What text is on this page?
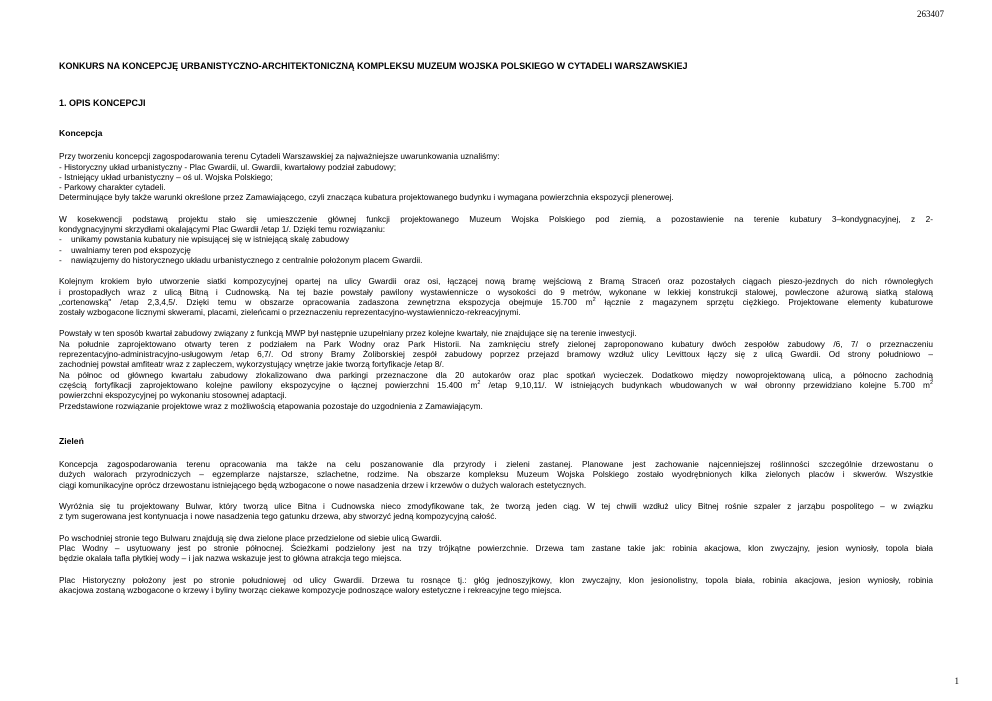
263407
KONKURS NA KONCEPCJĘ URBANISTYCZNO-ARCHITEKTONICZNĄ KOMPLEKSU MUZEUM WOJSKA POLSKIEGO W CYTADELI WARSZAWSKIEJ
1. OPIS KONCEPCJI
Koncepcja
Przy tworzeniu koncepcji zagospodarowania terenu Cytadeli Warszawskiej za najważniejsze uwarunkowania uznaliśmy:
- Historyczny układ urbanistyczny - Plac Gwardii, ul. Gwardii, kwartałowy podział zabudowy;
- Istniejący układ urbanistyczny – oś ul. Wojska Polskiego;
- Parkowy charakter cytadeli.
Determinujące były także warunki określone przez Zamawiającego, czyli znacząca kubatura projektowanego budynku i wymagana powierzchnia ekspozycji plenerowej.
W kosekwencji podstawą projektu stało się umieszczenie głównej funkcji projektowanego Muzeum Wojska Polskiego pod ziemią, a pozostawienie na terenie kubatury 3–kondygnacyjnej, z 2-
kondygnacyjnymi skrzydłami okalającymi Plac Gwardii /etap 1/. Dzięki temu rozwiązaniu:
- unikamy powstania kubatury nie wpisującej się w istniejącą skalę zabudowy
- uwalniamy teren pod ekspozycję
- nawiązujemy do historycznego układu urbanistycznego z centralnie położonym placem Gwardii.
Kolejnym krokiem było utworzenie siatki kompozycyjnej opartej na ulicy Gwardii oraz osi, łączącej nową bramę wejściową z Bramą Straceń oraz pozostałych ciągach pieszo-jezdnych do nich równoległych
i prostopadłych wraz z ulicą Bitną i Cudnowską. Na tej bazie powstały pawilony wystawiennicze o wysokości do 9 metrów, wykonane w lekkiej konstrukcji stalowej, powleczone ażurową siatką stalową
„cortenowską" /etap 2,3,4,5/. Dzięki temu w obszarze opracowania zadaszona zewnętrzna ekspozycja obejmuje 15.700 $m^2$ łącznie z magazynem sprzętu ciężkiego. Projektowane elementy kubaturowe
zostały wzbogacone licznymi skwerami, placami, zieleńcami o przeznaczeniu reprezentacyjno-wystawienniczo-rekreacyjnymi.
Powstały w ten sposób kwartał zabudowy związany z funkcją MWP był następnie uzupełniany przez kolejne kwartały, nie znajdujące się na terenie inwestycji.
Na południe zaprojektowano otwarty teren z podziałem na Park Wodny oraz Park Historii. Na zamknięciu strefy zielonej zaproponowano kubatury dwóch zespołów zabudowy /6, 7/ o przeznaczeniu
reprezentacyjno-administracyjno-usługowym /etap 6,7/. Od strony Bramy Żoliborskiej zespół zabudowy poprzez przejazd bramowy wzdłuż ulicy Levittoux łączy się z ulicą Gwardii. Od strony południowo –
zachodniej powstał amfiteatr wraz z zapleczem, wykorzystujący wnętrze jakie tworzą fortyfikacje /etap 8/.
Na północ od głównego kwartału zabudowy zlokalizowano dwa parkingi przeznaczone dla 20 autokarów oraz plac spotkań wycieczek. Dodatkowo między nowoprojektowaną ulicą, a północno zachodnią
częścią fortyfikacji zaprojektowano kolejne pawilony ekspozycyjne o łącznej powierzchni 15.400 $m^2$ /etap 9,10,11/. W istniejących budynkach wbudowanych w wał obronny przewidziano kolejne 5.700 $m^2$
powierzchni ekspozycyjnej po wykonaniu stosownej adaptacji.
Przedstawione rozwiązanie projektowe wraz z możliwością etapowania pozostaje do uzgodnienia z Zamawiającym.
Zieleń
Koncepcja zagospodarowania terenu opracowania ma także na celu poszanowanie dla przyrody i zieleni zastanej. Planowane jest zachowanie najcenniejszej roślinności szczególnie drzewostanu o
dużych walorach przyrodniczych – egzemplarze najstarsze, szlachetne, rodzime. Na obszarze kompleksu Muzeum Wojska Polskiego zostało wyodrębnionych kilka zielonych placów i skwerów. Wszystkie
ciągi komunikacyjne oprócz drzewostanu istniejącego będą wzbogacone o nowe nasadzenia drzew i krzewów o dużych walorach estetycznych.
Wyróżnia się tu projektowany Bulwar, który tworzą ulice Bitna i Cudnowska nieco zmodyfikowane tak, że tworzą jeden ciąg. W tej chwili wzdłuż ulicy Bitnej rośnie szpaler z jarząbu pospolitego – w związku
z tym sugerowana jest kontynuacja i nowe nasadzenia tego gatunku drzewa, aby stworzyć jedną kompozycyjną całość.
Po wschodniej stronie tego Bulwaru znajdują się dwa zielone place przedzielone od siebie ulicą Gwardii.
Plac Wodny – usytuowany jest po stronie północnej. Ścieżkami podzielony jest na trzy trójkątne powierzchnie. Drzewa tam zastane takie jak: robinia akacjowa, klon zwyczajny, jesion wyniosły, topola biała
będzie okalała tafla płytkiej wody – i jak nazwa wskazuje jest to główna atrakcja tego miejsca.
Plac Historyczny położony jest po stronie południowej od ulicy Gwardii. Drzewa tu rosnące tj.: głóg jednoszyjkowy, klon zwyczajny, klon jesionolistny, topola biała, robinia akacjowa, jesion wyniosły, robinia
akacjowa zostaną wzbogacone o krzewy i byliny tworząc ciekawe kompozycje podnoszące walory estetyczne i rekreacyjne tego miejsca.
1
